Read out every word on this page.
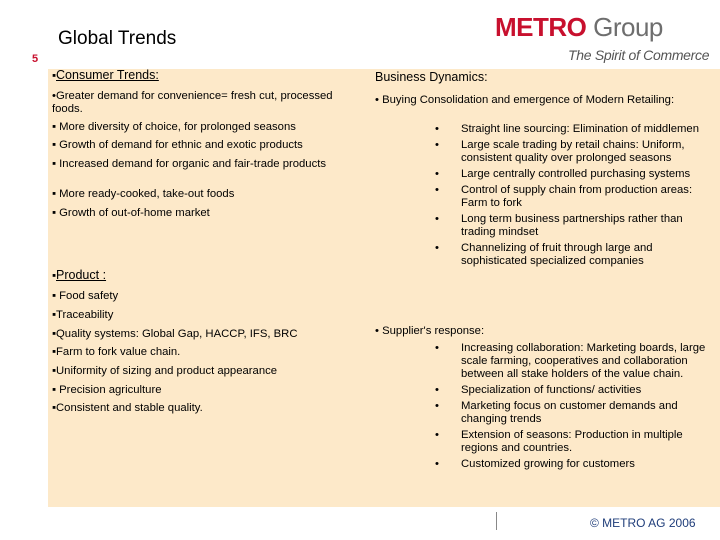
Global Trends
5
METRO Group
The Spirit of Commerce
▪Consumer Trends:
•Greater demand for convenience= fresh cut, processed foods.
▪ More diversity of choice, for prolonged seasons
▪ Growth of demand for ethnic and exotic products
▪ Increased demand for organic and fair-trade products
▪ More ready-cooked, take-out foods
▪ Growth of out-of-home market
▪Product :
▪ Food safety
▪Traceability
▪Quality systems: Global Gap, HACCP, IFS, BRC
▪Farm to fork value chain.
▪Uniformity of sizing and product appearance
▪ Precision agriculture
▪Consistent and stable quality.
Business Dynamics:
• Buying Consolidation and emergence of Modern Retailing:
• Straight line sourcing: Elimination of middlemen
• Large scale trading by retail chains: Uniform, consistent quality over prolonged seasons
• Large centrally controlled purchasing systems
• Control of supply chain from production areas: Farm to fork
• Long term business partnerships rather than trading mindset
• Channelizing of fruit through large and sophisticated specialized companies
• Supplier's response:
• Increasing collaboration: Marketing boards, large scale farming, cooperatives and collaboration between all stake holders of the value chain.
• Specialization of functions/ activities
• Marketing focus on customer demands and changing trends
• Extension of seasons: Production in multiple regions and countries.
• Customized growing for customers
© METRO AG 2006
